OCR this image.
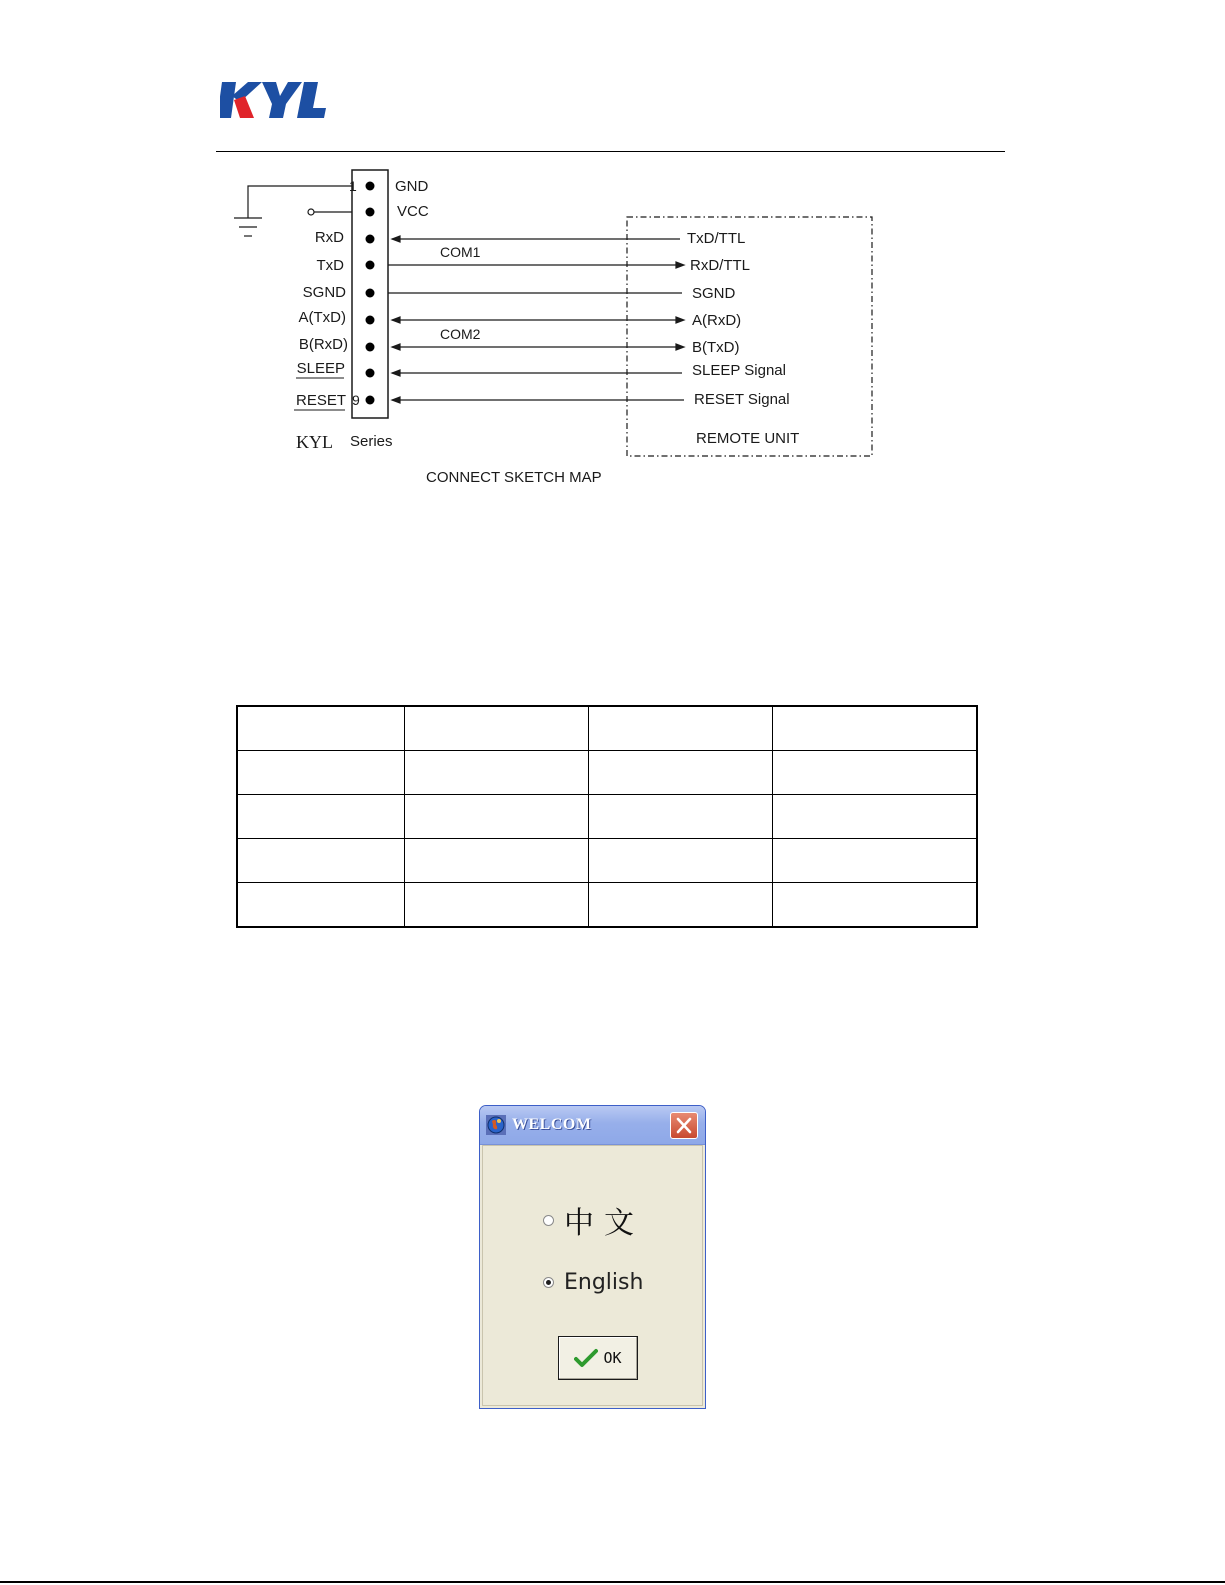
1
9
GND
VCC
RxD
TxD
SGND
A(TxD)
B(RxD)
SLEEP
RESET
COM1
COM2
TxD/TTL
RxD/TTL
SGND
A(RxD)
B(TxD)
SLEEP Signal
RESET Signal
REMOTE UNIT
KYL Series
CONNECT SKETCH MAP

WELCOM
中文
English
OK
